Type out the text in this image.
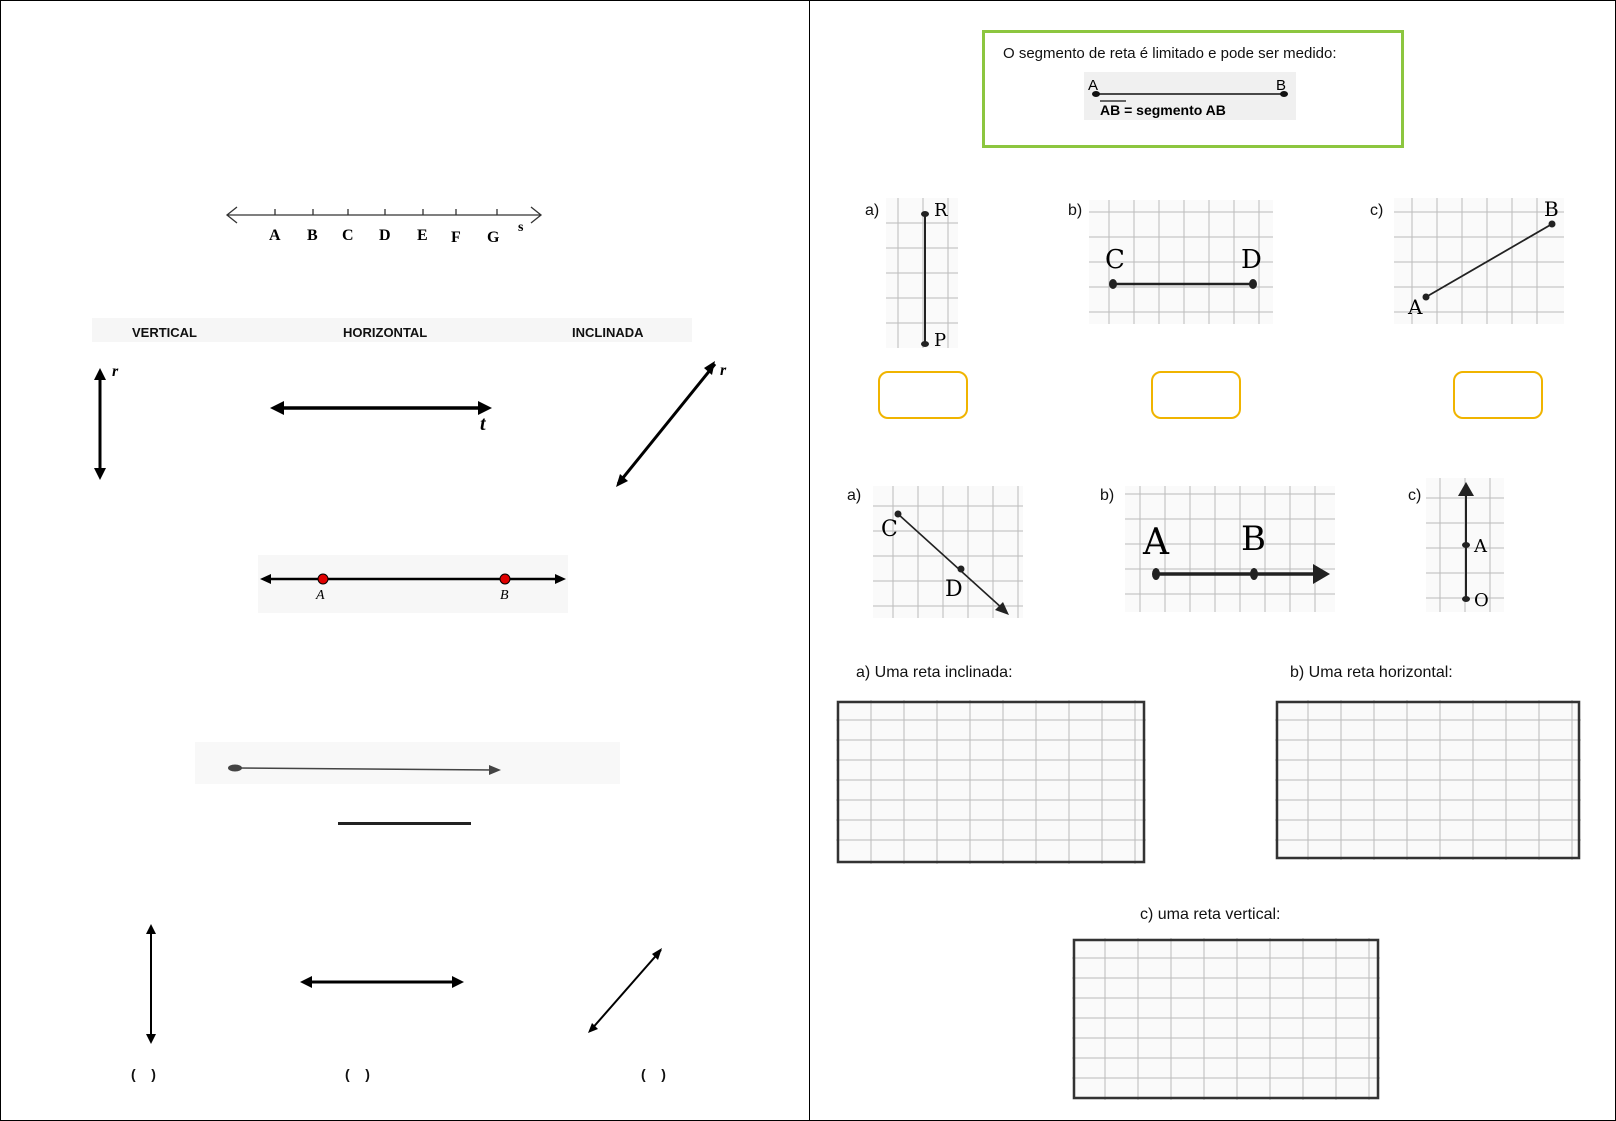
A B C D E F G
s
VERTICAL	HORIZONTAL	INCLINADA
r
t
r
A	B
(    )	(    )	(    )
O segmento de reta é limitado e pode ser medido:
A	B
AB = segmento AB
a)	b)	c)
R
P
C	D
B
A
a)	b)	c)
C
D
A B	A
O
a) Uma reta inclinada:	b) Uma reta horizontal:
c) uma reta vertical:
